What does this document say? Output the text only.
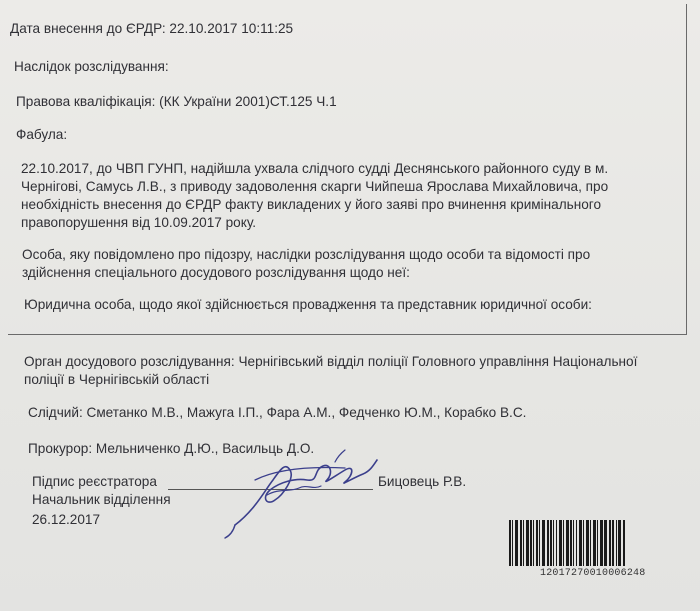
Дата внесення до ЄРДР: 22.10.2017 10:11:25
Наслідок розслідування:
Правова кваліфікація: (КК України 2001)СТ.125 Ч.1
Фабула:
22.10.2017, до ЧВП ГУНП, надійшла ухвала слідчого судді Деснянського районного суду в м.
Чернігові, Самусь Л.В., з приводу задоволення скарги Чийпеша Ярослава Михайловича, про
необхідність внесення до ЄРДР факту викладених у його заяві про вчинення кримінального
правопорушення від 10.09.2017 року.
Особа, яку повідомлено про підозру, наслідки розслідування щодо особи та відомості про
здійснення спеціального досудового розслідування щодо неї:
Юридична особа, щодо якої здійснюється провадження та представник юридичної особи:
Орган досудового розслідування: Чернігівський відділ поліції Головного управління Національної
поліції в Чернігівській області
Слідчий: Сметанко М.В., Мажуга І.П., Фара А.М., Федченко Ю.М., Корабко В.С.
Прокурор: Мельниченко Д.Ю., Васильць Д.О.
Підпис реєстратора	Бицовець Р.В.
Начальник відділення
26.12.2017
12017270010006248
